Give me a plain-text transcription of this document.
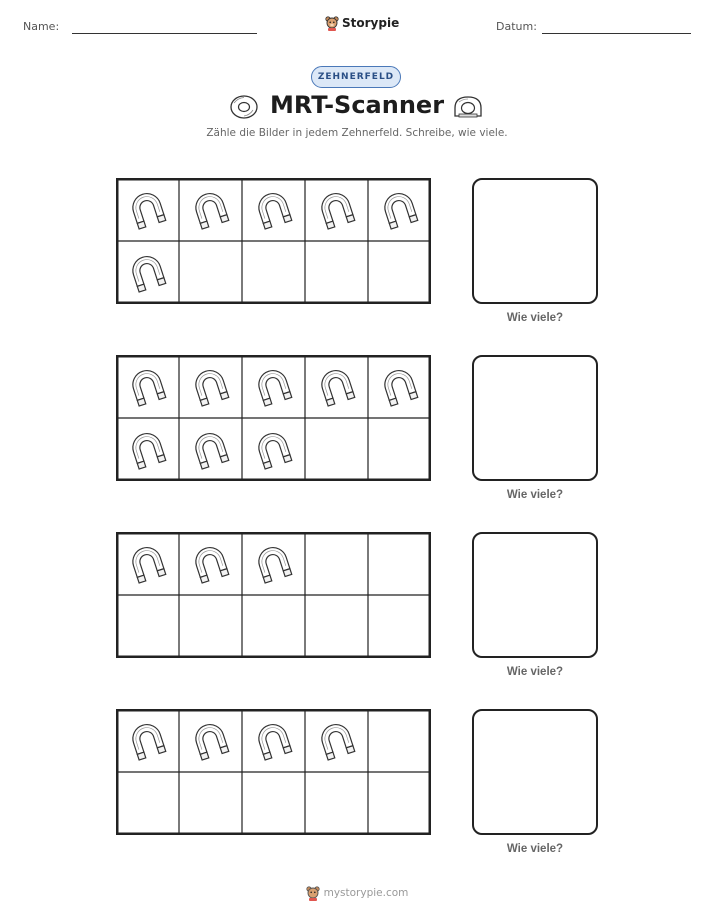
Name:	Storypie	Datum:
ZEHNERFELD
MRT-Scanner
Zähle die Bilder in jedem Zehnerfeld. Schreibe, wie viele.
Wie viele?
Wie viele?
Wie viele?
Wie viele?
mystorypie.com
